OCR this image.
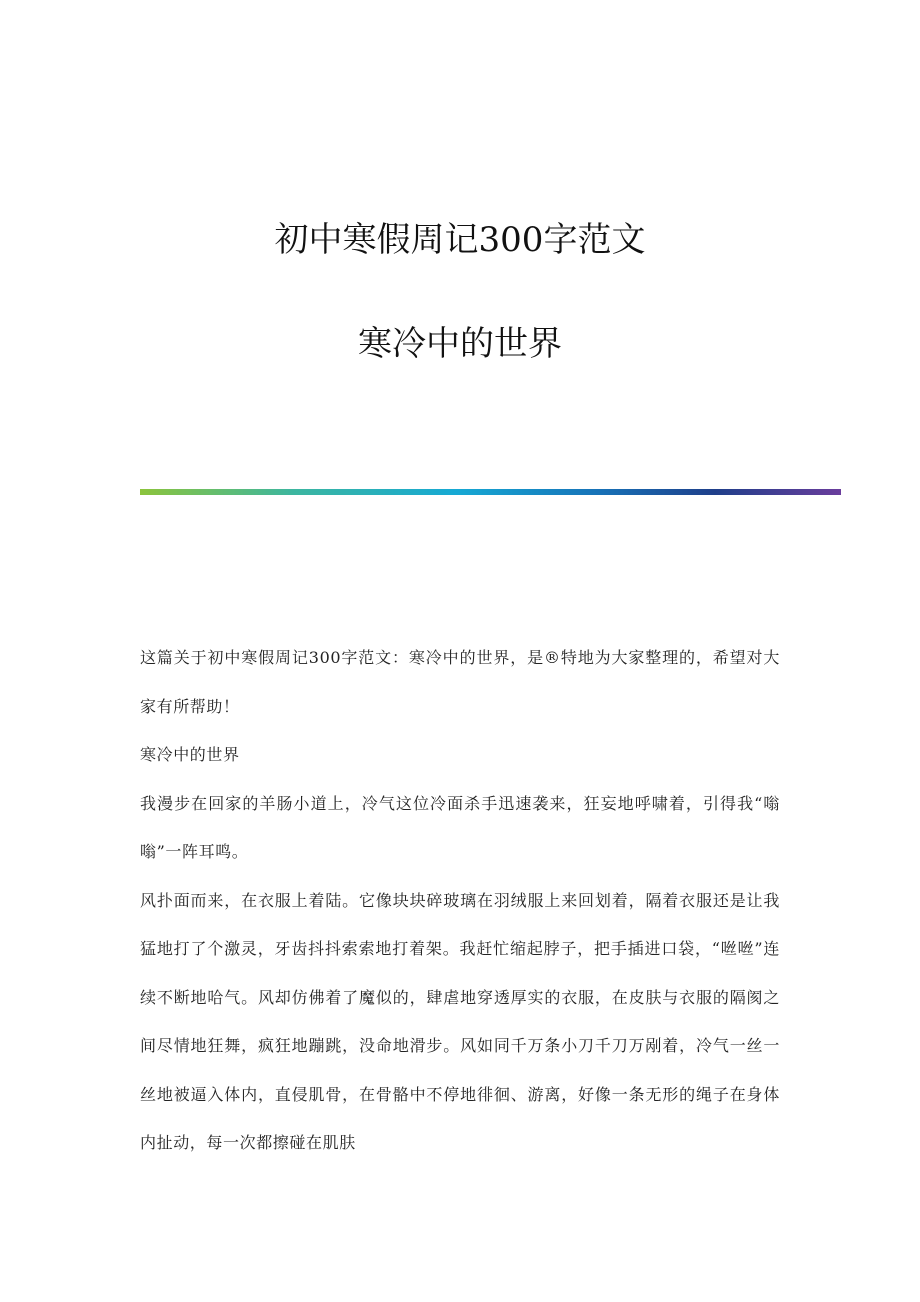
初中寒假周记300字范文
寒冷中的世界

这篇关于初中寒假周记300字范文：寒冷中的世界，是®特地为大家整理的，希望对大家有所帮助！

寒冷中的世界

我漫步在回家的羊肠小道上，冷气这位冷面杀手迅速袭来，狂妄地呼啸着，引得我“嗡嗡”一阵耳鸣。

风扑面而来，在衣服上着陆。它像块块碎玻璃在羽绒服上来回划着，隔着衣服还是让我猛地打了个激灵，牙齿抖抖索索地打着架。我赶忙缩起脖子，把手插进口袋，“咝咝”连续不断地哈气。风却仿佛着了魔似的，肆虐地穿透厚实的衣服，在皮肤与衣服的隔阂之间尽情地狂舞，疯狂地蹦跳，没命地滑步。风如同千万条小刀千刀万剐着，冷气一丝一丝地被逼入体内，直侵肌骨，在骨骼中不停地徘徊、游离，好像一条无形的绳子在身体内扯动，每一次都擦碰在肌肤
